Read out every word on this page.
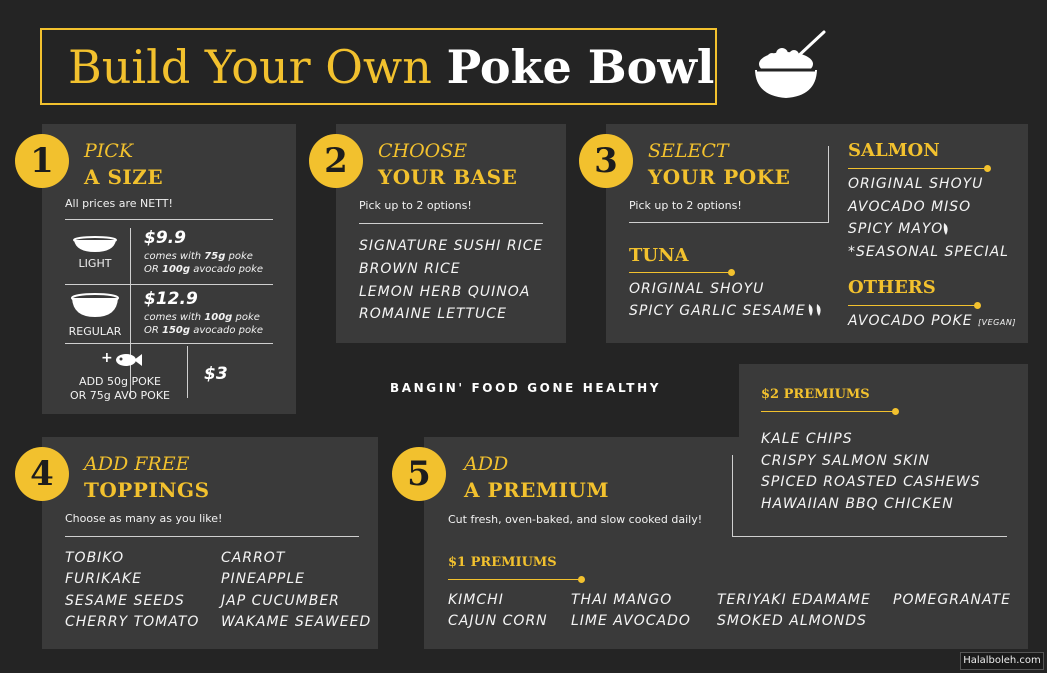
Build Your Own Poke Bowl
1	PICK
A SIZE
All prices are NETT!
LIGHT
$9.9
comes with 75g poke
OR 100g avocado poke
REGULAR
$12.9
comes with 100g poke
OR 150g avocado poke
+
ADD 50g POKE
OR 75g AVO POKE
$3
2	CHOOSE
YOUR BASE
Pick up to 2 options!
SIGNATURE SUSHI RICE
BROWN RICE
LEMON HERB QUINOA
ROMAINE LETTUCE
3	SELECT
YOUR POKE
Pick up to 2 options!
TUNA
ORIGINAL SHOYU
SPICY GARLIC SESAME
SALMON
ORIGINAL SHOYU
AVOCADO MISO
SPICY MAYO
*SEASONAL SPECIAL
OTHERS
AVOCADO POKE [VEGAN]
BANGIN' FOOD GONE HEALTHY
4	ADD FREE
TOPPINGS
Choose as many as you like!
TOBIKO
FURIKAKE
SESAME SEEDS
CHERRY TOMATO
CARROT
PINEAPPLE
JAP CUCUMBER
WAKAME SEAWEED
5	ADD
A PREMIUM
Cut fresh, oven-baked, and slow cooked daily!
$2 PREMIUMS
KALE CHIPS
CRISPY SALMON SKIN
SPICED ROASTED CASHEWS
HAWAIIAN BBQ CHICKEN
$1 PREMIUMS
KIMCHI
CAJUN CORN
THAI MANGO
LIME AVOCADO
TERIYAKI EDAMAME
SMOKED ALMONDS
POMEGRANATE
Halalboleh.com
